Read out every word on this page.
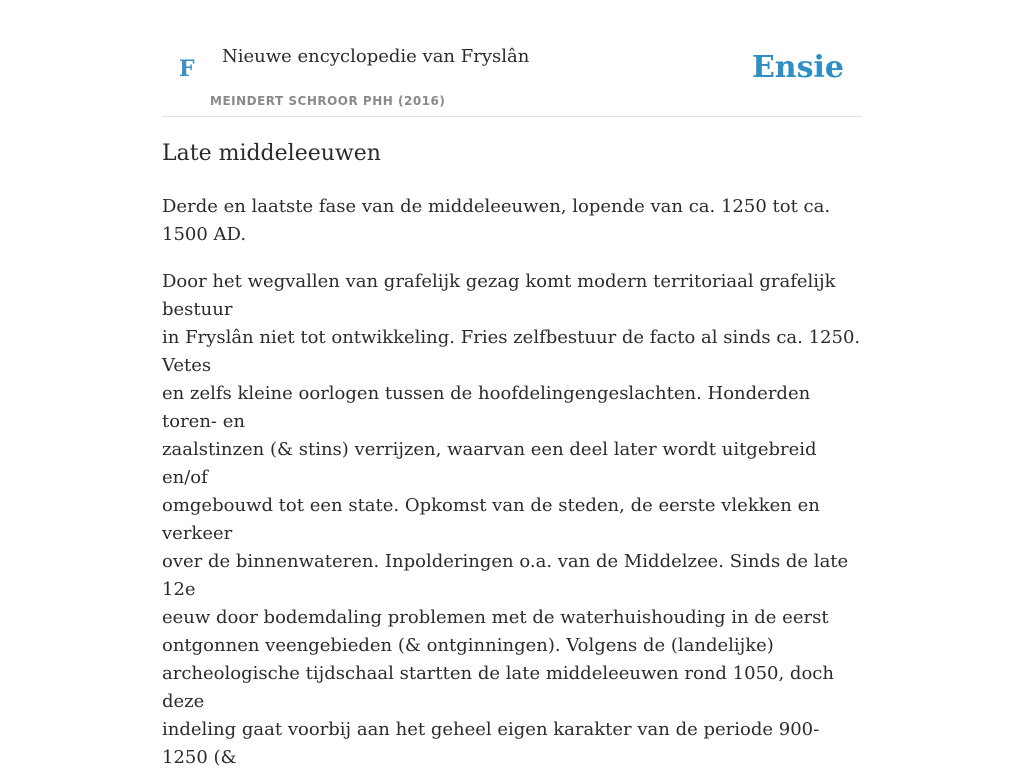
F Nieuwe encyclopedie van Fryslân
MEINDERT SCHROOR PHH (2016)
Ensie
Late middeleeuwen

Derde en laatste fase van de middeleeuwen, lopende van ca. 1250 tot ca. 1500 AD.

Door het wegvallen van grafelijk gezag komt modern territoriaal grafelijk bestuur
in Fryslân niet tot ontwikkeling. Fries zelfbestuur de facto al sinds ca. 1250. Vetes
en zelfs kleine oorlogen tussen de hoofdelingengeslachten. Honderden toren- en
zaalstinzen (& stins) verrijzen, waarvan een deel later wordt uitgebreid en/of
omgebouwd tot een state. Opkomst van de steden, de eerste vlekken en verkeer
over de binnenwateren. Inpolderingen o.a. van de Middelzee. Sinds de late 12e
eeuw door bodemdaling problemen met de waterhuishouding in de eerst
ontgonnen veengebieden (& ontginningen). Volgens de (landelijke)
archeologische tijdschaal startten de late middeleeuwen rond 1050, doch deze
indeling gaat voorbij aan het geheel eigen karakter van de periode 900-1250 (&
